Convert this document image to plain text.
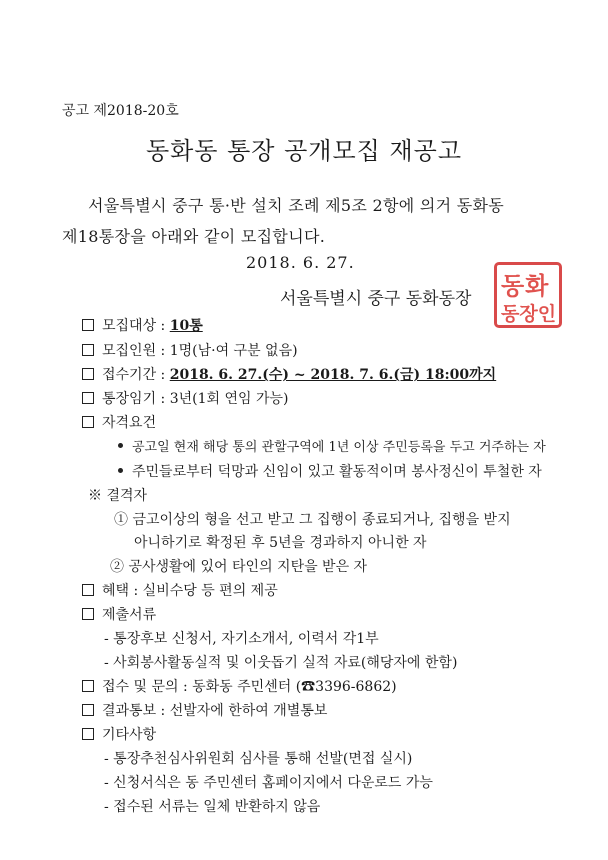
공고 제2018-20호
동화동 통장 공개모집 재공고
서울특별시 중구 통·반 설치 조례 제5조 2항에 의거 동화동
제18통장을 아래와 같이 모집합니다.
2018. 6. 27.
서울특별시 중구 동화동장 동화
동장인
모집대상 : 10통
모집인원 : 1명(남·여 구분 없음)
접수기간 : 2018. 6. 27.(수) ~ 2018. 7. 6.(금) 18:00까지
통장임기 : 3년(1회 연임 가능)
자격요건
공고일 현재 해당 통의 관할구역에 1년 이상 주민등록을 두고 거주하는 자
주민들로부터 덕망과 신임이 있고 활동적이며 봉사정신이 투철한 자
※ 결격자
① 금고이상의 형을 선고 받고 그 집행이 종료되거나, 집행을 받지
아니하기로 확정된 후 5년을 경과하지 아니한 자
② 공사생활에 있어 타인의 지탄을 받은 자
혜택 : 실비수당 등 편의 제공
제출서류
- 통장후보 신청서, 자기소개서, 이력서 각1부
- 사회봉사활동실적 및 이웃돕기 실적 자료(해당자에 한함)
접수 및 문의 : 동화동 주민센터 (☎3396-6862)
결과통보 : 선발자에 한하여 개별통보
기타사항
- 통장추천심사위원회 심사를 통해 선발(면접 실시)
- 신청서식은 동 주민센터 홈페이지에서 다운로드 가능
- 접수된 서류는 일체 반환하지 않음
